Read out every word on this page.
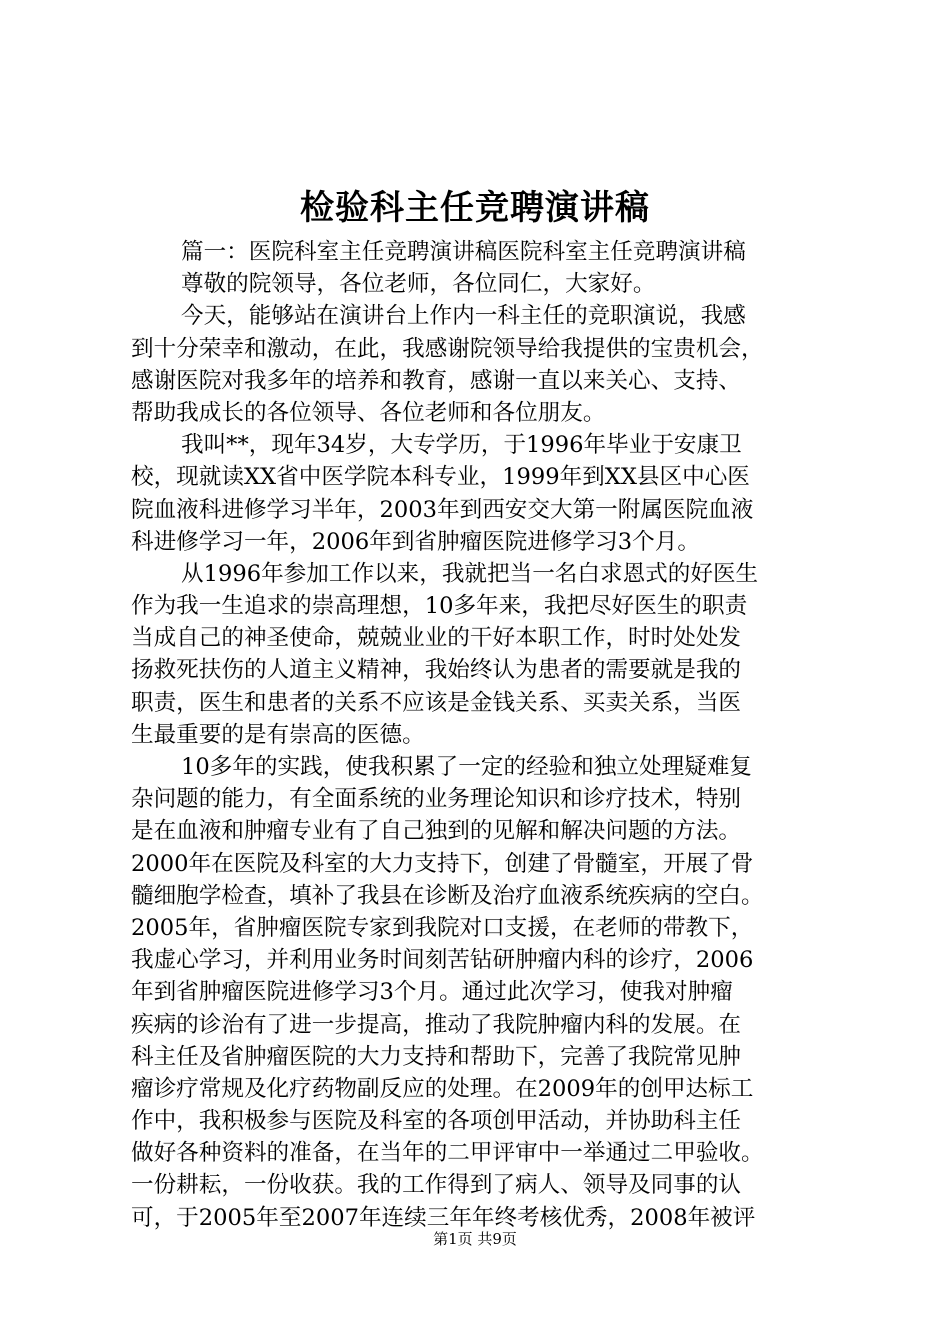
检验科主任竞聘演讲稿
篇一：医院科室主任竞聘演讲稿医院科室主任竞聘演讲稿
尊敬的院领导，各位老师，各位同仁，大家好。
今天，能够站在演讲台上作内一科主任的竞职演说，我感
到十分荣幸和激动，在此，我感谢院领导给我提供的宝贵机会，
感谢医院对我多年的培养和教育，感谢一直以来关心、支持、
帮助我成长的各位领导、各位老师和各位朋友。
我叫**，现年34岁，大专学历，于1996年毕业于安康卫
校，现就读XX省中医学院本科专业，1999年到XX县区中心医
院血液科进修学习半年，2003年到西安交大第一附属医院血液
科进修学习一年，2006年到省肿瘤医院进修学习3个月。
从1996年参加工作以来，我就把当一名白求恩式的好医生
作为我一生追求的崇高理想，10多年来，我把尽好医生的职责
当成自己的神圣使命，兢兢业业的干好本职工作，时时处处发
扬救死扶伤的人道主义精神，我始终认为患者的需要就是我的
职责，医生和患者的关系不应该是金钱关系、买卖关系，当医
生最重要的是有崇高的医德。
10多年的实践，使我积累了一定的经验和独立处理疑难复
杂问题的能力，有全面系统的业务理论知识和诊疗技术，特别
是在血液和肿瘤专业有了自己独到的见解和解决问题的方法。
2000年在医院及科室的大力支持下，创建了骨髓室，开展了骨
髓细胞学检查，填补了我县在诊断及治疗血液系统疾病的空白。
2005年，省肿瘤医院专家到我院对口支援，在老师的带教下，
我虚心学习，并利用业务时间刻苦钻研肿瘤内科的诊疗，2006
年到省肿瘤医院进修学习3个月。通过此次学习，使我对肿瘤
疾病的诊治有了进一步提高，推动了我院肿瘤内科的发展。在
科主任及省肿瘤医院的大力支持和帮助下，完善了我院常见肿
瘤诊疗常规及化疗药物副反应的处理。在2009年的创甲达标工
作中，我积极参与医院及科室的各项创甲活动，并协助科主任
做好各种资料的准备，在当年的二甲评审中一举通过二甲验收。
一份耕耘，一份收获。我的工作得到了病人、领导及同事的认
可，于2005年至2007年连续三年年终考核优秀，2008年被评
第1页 共9页
